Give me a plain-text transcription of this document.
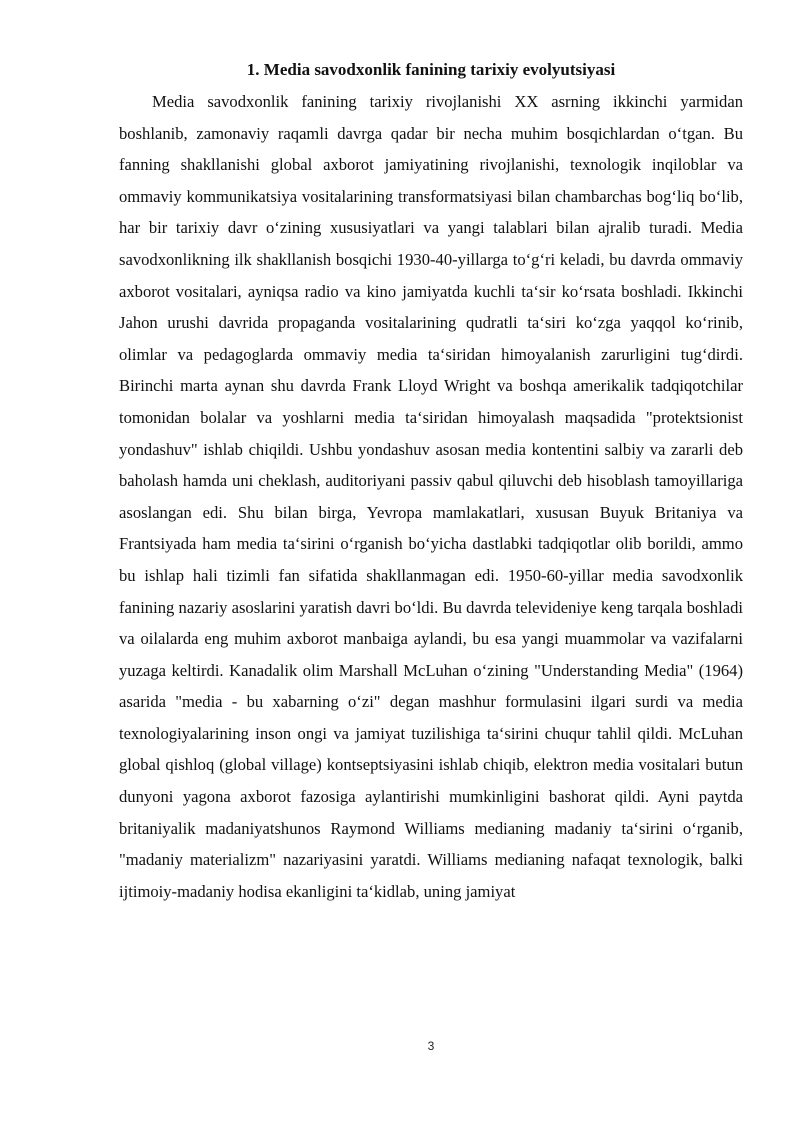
1. Media savodxonlik fanining tarixiy evolyutsiyasi

Media savodxonlik fanining tarixiy rivojlanishi XX asrning ikkinchi yarmidan boshlanib, zamonaviy raqamli davrga qadar bir necha muhim bosqichlardan o‘tgan. Bu fanning shakllanishi global axborot jamiyatining rivojlanishi, texnologik inqiloblar va ommaviy kommunikatsiya vositalarining transformatsiyasi bilan chambarchas bog‘liq bo‘lib, har bir tarixiy davr o‘zining xususiyatlari va yangi talablari bilan ajralib turadi. Media savodxonlikning ilk shakllanish bosqichi 1930-40-yillarga to‘g‘ri keladi, bu davrda ommaviy axborot vositalari, ayniqsa radio va kino jamiyatda kuchli ta‘sir ko‘rsata boshladi. Ikkinchi Jahon urushi davrida propaganda vositalarining qudratli ta‘siri ko‘zga yaqqol ko‘rinib, olimlar va pedagoglarda ommaviy media ta‘siridan himoyalanish zarurligini tug‘dirdi. Birinchi marta aynan shu davrda Frank Lloyd Wright va boshqa amerikalik tadqiqotchilar tomonidan bolalar va yoshlarni media ta‘siridan himoyalash maqsadida "protektsionist yondashuv" ishlab chiqildi. Ushbu yondashuv asosan media kontentini salbiy va zararli deb baholash hamda uni cheklash, auditoriyani passiv qabul qiluvchi deb hisoblash tamoyillariga asoslangan edi. Shu bilan birga, Yevropa mamlakatlari, xususan Buyuk Britaniya va Frantsiyada ham media ta‘sirini o‘rganish bo‘yicha dastlabki tadqiqotlar olib borildi, ammo bu ishlap hali tizimli fan sifatida shakllanmagan edi. 1950-60-yillar media savodxonlik fanining nazariy asoslarini yaratish davri bo‘ldi. Bu davrda televideniye keng tarqala boshladi va oilalarda eng muhim axborot manbaiga aylandi, bu esa yangi muammolar va vazifalarni yuzaga keltirdi. Kanadalik olim Marshall McLuhan o‘zining "Understanding Media" (1964) asarida "media - bu xabarning o‘zi" degan mashhur formulasini ilgari surdi va media texnologiyalarining inson ongi va jamiyat tuzilishiga ta‘sirini chuqur tahlil qildi. McLuhan global qishloq (global village) kontseptsiyasini ishlab chiqib, elektron media vositalari butun dunyoni yagona axborot fazosiga aylantirishi mumkinligini bashorat qildi. Ayni paytda britaniyalik madaniyatshunos Raymond Williams medianing madaniy ta‘sirini o‘rganib, "madaniy materializm" nazariyasini yaratdi. Williams medianing nafaqat texnologik, balki ijtimoiy-madaniy hodisa ekanligini ta‘kidlab, uning jamiyat

3
